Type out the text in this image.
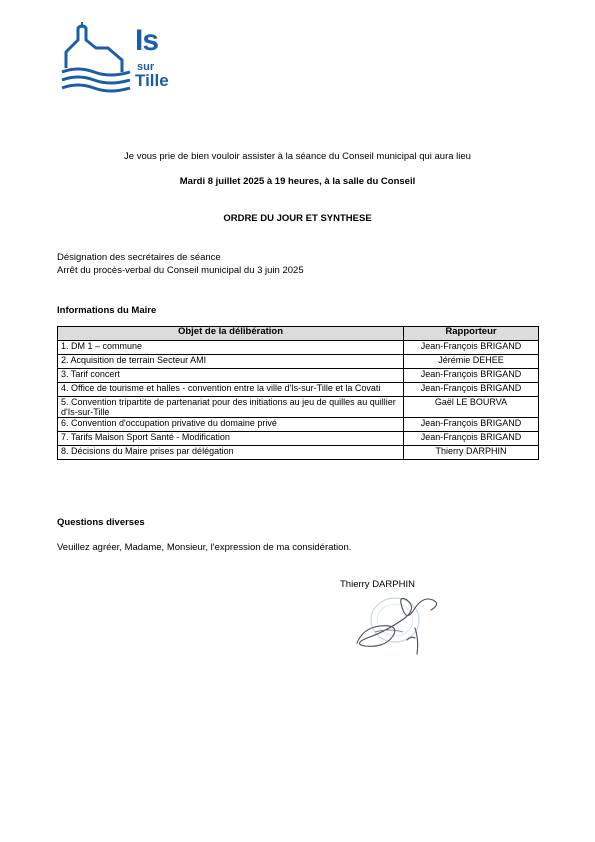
Is
sur
Tille
Je vous prie de bien vouloir assister à la séance du Conseil municipal qui aura lieu
Mardi 8 juillet 2025 à 19 heures, à la salle du Conseil
ORDRE DU JOUR ET SYNTHESE
Désignation des secrétaires de séance
Arrêt du procès-verbal du Conseil municipal du 3 juin 2025
Informations du Maire
Objet de la délibération	Rapporteur
1. DM 1 – commune	Jean-François BRIGAND
2. Acquisition de terrain Secteur AMI	Jérémie DEHEE
3. Tarif concert	Jean-François BRIGAND
4. Office de tourisme et halles - convention entre la ville d'Is-sur-Tille et la Covati	Jean-François BRIGAND
5. Convention tripartite de partenariat pour des initiations au jeu de quilles au quillier d'Is-sur-Tille	Gaël LE BOURVA
6. Convention d'occupation privative du domaine privé	Jean-François BRIGAND
7. Tarifs Maison Sport Santé - Modification	Jean-François BRIGAND
8. Décisions du Maire prises par délégation	Thierry DARPHIN
Questions diverses
Veuillez agréer, Madame, Monsieur, l'expression de ma considération.
Thierry DARPHIN
